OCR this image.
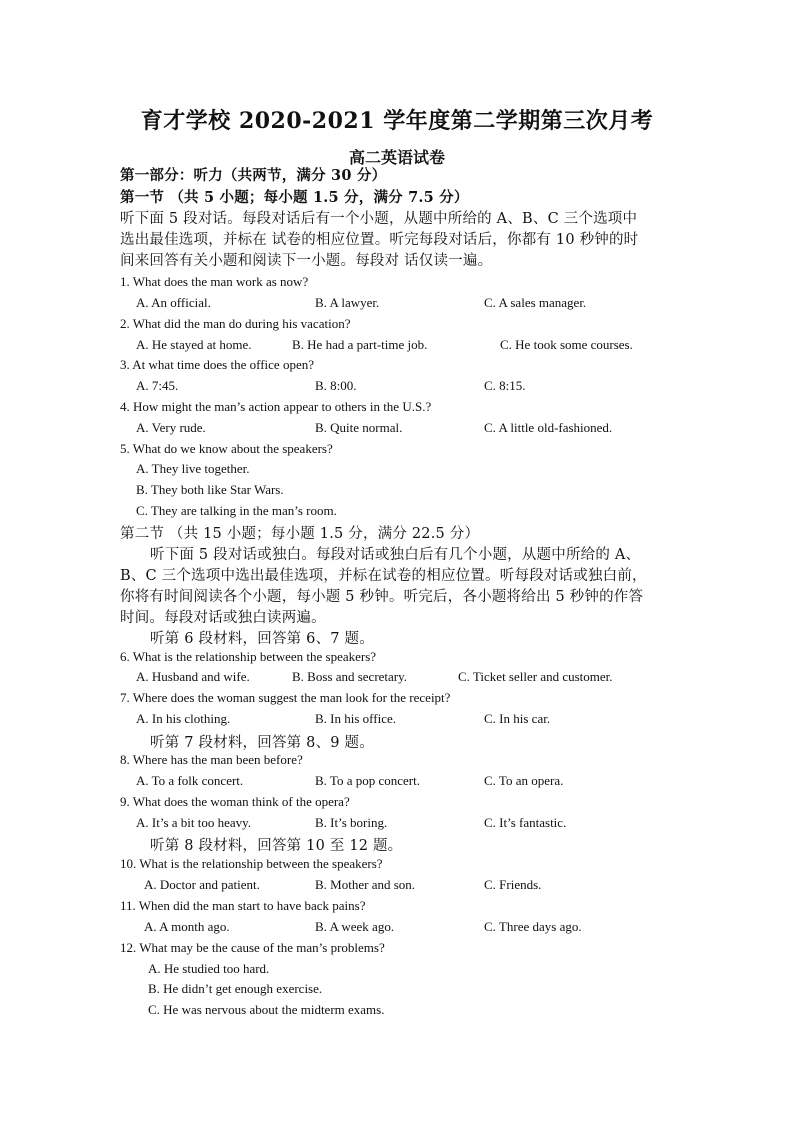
育才学校 2020-2021 学年度第二学期第三次月考
高二英语试卷
第一部分：听力（共两节，满分 30 分）
第一节 （共 5 小题；每小题 1.5 分，满分 7.5 分）
听下面 5 段对话。每段对话后有一个小题，从题中所给的 A、B、C 三个选项中
选出最佳选项，并标在 试卷的相应位置。听完每段对话后，你都有 10 秒钟的时
间来回答有关小题和阅读下一小题。每段对 话仅读一遍。
1. What does the man work as now?
A. An official.	B. A lawyer.	C. A sales manager.
2. What did the man do during his vacation?
A. He stayed at home.	B. He had a part-time job.	C. He took some courses.
3. At what time does the office open?
A. 7:45.	B. 8:00.	C. 8:15.
4. How might the man’s action appear to others in the U.S.?
A. Very rude.	B. Quite normal.	C. A little old-fashioned.
5. What do we know about the speakers?
A. They live together.
B. They both like Star Wars.
C. They are talking in the man’s room.
第二节 （共 15 小题；每小题 1.5 分，满分 22.5 分）
听下面 5 段对话或独白。每段对话或独白后有几个小题，从题中所给的 A、
B、C 三个选项中选出最佳选项，并标在试卷的相应位置。听每段对话或独白前，
你将有时间阅读各个小题，每小题 5 秒钟。听完后，各小题将给出 5 秒钟的作答
时间。每段对话或独白读两遍。
听第 6 段材料，回答第 6、7 题。
6. What is the relationship between the speakers?
A. Husband and wife.	B. Boss and secretary.	C. Ticket seller and customer.
7. Where does the woman suggest the man look for the receipt?
A. In his clothing.	B. In his office.	C. In his car.
听第 7 段材料，回答第 8、9 题。
8. Where has the man been before?
A. To a folk concert.	B. To a pop concert.	C. To an opera.
9. What does the woman think of the opera?
A. It’s a bit too heavy.	B. It’s boring.	C. It’s fantastic.
听第 8 段材料，回答第 10 至 12 题。
10. What is the relationship between the speakers?
A. Doctor and patient.	B. Mother and son.	C. Friends.
11. When did the man start to have back pains?
A. A month ago.	B. A week ago.	C. Three days ago.
12. What may be the cause of the man’s problems?
A. He studied too hard.
B. He didn’t get enough exercise.
C. He was nervous about the midterm exams.
